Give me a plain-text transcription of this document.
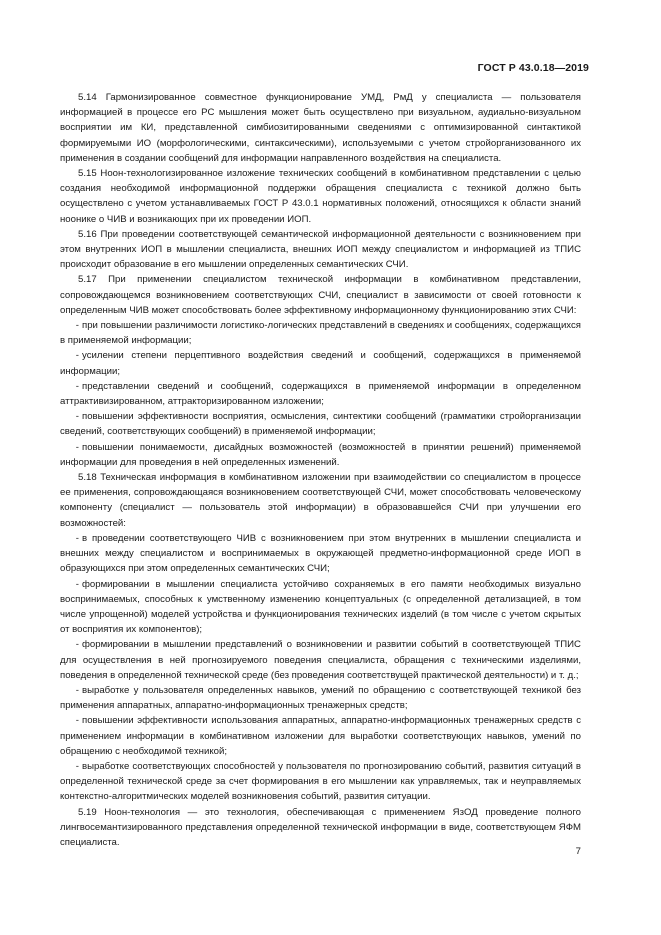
ГОСТ Р 43.0.18—2019

5.14 Гармонизированное совместное функционирование УМД, РмД у специалиста — пользователя информацией в процессе его РС мышления может быть осуществлено при визуальном, аудиально-визуальном восприятии им КИ, представленной симбиозитированными сведениями с оптимизированной синтактикой формируемыми ИО (морфологическими, синтаксическими), используемыми с учетом стройорганизованного их применения в создании сообщений для информации направленного воздействия на специалиста.

5.15 Ноон-технологизированное изложение технических сообщений в комбинативном представлении с целью создания необходимой информационной поддержки обращения специалиста с техникой должно быть осуществлено с учетом устанавливаемых ГОСТ Р 43.0.1 нормативных положений, относящихся к области знаний ноонике о ЧИВ и возникающих при их проведении ИОП.

5.16 При проведении соответствующей семантической информационной деятельности с возникновением при этом внутренних ИОП в мышлении специалиста, внешних ИОП между специалистом и информацией из ТПИС происходит образование в его мышлении определенных семантических СЧИ.

5.17 При применении специалистом технической информации в комбинативном представлении, сопровождающемся возникновением соответствующих СЧИ, специалист в зависимости от своей готовности к определенным ЧИВ может способствовать более эффективному информационному функционированию этих СЧИ:

- при повышении различимости логистико-логических представлений в сведениях и сообщениях, содержащихся в применяемой информации;

- усилении степени перцептивного воздействия сведений и сообщений, содержащихся в применяемой информации;

- представлении сведений и сообщений, содержащихся в применяемой информации в определенном аттрактивизированном, аттракторизированном изложении;

- повышении эффективности восприятия, осмысления, синтектики сообщений (грамматики стройорганизации сведений, соответствующих сообщений) в применяемой информации;

- повышении понимаемости, дисайдных возможностей (возможностей в принятии решений) применяемой информации для проведения в ней определенных изменений.

5.18 Техническая информация в комбинативном изложении при взаимодействии со специалистом в процессе ее применения, сопровождающаяся возникновением соответствующей СЧИ, может способствовать человеческому компоненту (специалист — пользователь этой информации) в образовавшейся СЧИ при улучшении его возможностей:

- в проведении соответствующего ЧИВ с возникновением при этом внутренних в мышлении специалиста и внешних между специалистом и воспринимаемых в окружающей предметно-информационной среде ИОП в образующихся при этом определенных семантических СЧИ;

- формировании в мышлении специалиста устойчиво сохраняемых в его памяти необходимых визуально воспринимаемых, способных к умственному изменению концептуальных (с определенной детализацией, в том числе упрощенной) моделей устройства и функционирования технических изделий (в том числе с учетом скрытых от восприятия их компонентов);

- формировании в мышлении представлений о возникновении и развитии событий в соответствующей ТПИС для осуществления в ней прогнозируемого поведения специалиста, обращения с техническими изделиями, поведения в определенной технической среде (без проведения соответствущей практической деятельности) и т. д.;

- выработке у пользователя определенных навыков, умений по обращению с соответствующей техникой без применения аппаратных, аппаратно-информационных тренажерных средств;

- повышении эффективности использования аппаратных, аппаратно-информационных тренажерных средств с применением информации в комбинативном изложении для выработки соответствующих навыков, умений по обращению с необходимой техникой;

- выработке соответствующих способностей у пользователя по прогнозированию событий, развития ситуаций в определенной технической среде за счет формирования в его мышлении как управляемых, так и неуправляемых контекстно-алгоритмических моделей возникновения событий, развития ситуации.

5.19 Ноон-технология — это технология, обеспечивающая с применением ЯзОД проведение полного лингвосемантизированного представления определенной технической информации в виде, соответствующем ЯФМ специалиста.

7
